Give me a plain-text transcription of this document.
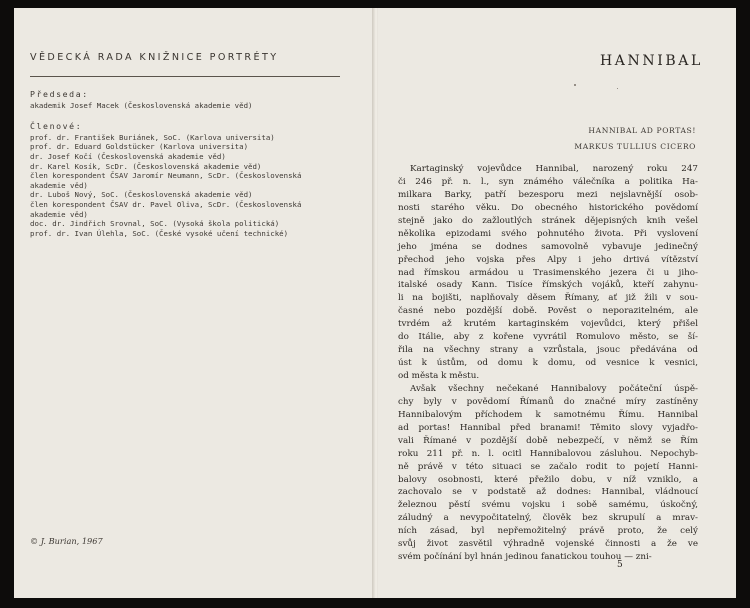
VĚDECKÁ RADA KNIŽNICE PORTRÉTY
Předseda:
akademik Josef Macek (Československá akademie věd)
Členové:
prof. dr. František Buriánek, SoC. (Karlova universita)
prof. dr. Eduard Goldstücker (Karlova universita)
dr. Josef Kočí (Československá akademie věd)
dr. Karel Kosík, ScDr. (Československá akademie věd)
člen korespondent ČSAV Jaromír Neumann, ScDr. (Československá
akademie věd)
dr. Luboš Nový, SoC. (Československá akademie věd)
člen korespondent ČSAV dr. Pavel Oliva, ScDr. (Československá
akademie věd)
doc. dr. Jindřich Srovnal, SoC. (Vysoká škola politická)
prof. dr. Ivan Úlehla, SoC. (České vysoké učení technické)
© J. Burian, 1967
HANNIBAL
HANNIBAL AD PORTAS!
MARKUS TULLIUS CICERO
Kartaginský vojevůdce Hannibal, narozený roku 247
či 246 př. n. l., syn známého válečníka a politika Ha-
milkara Barky, patří bezesporu mezi nejslavnější osob-
nosti starého věku. Do obecného historického povědomí
stejně jako do zažloutlých stránek dějepisných knih vešel
několika epizodami svého pohnutého života. Při vyslovení
jeho jména se dodnes samovolně vybavuje jedinečný
přechod jeho vojska přes Alpy i jeho drtivá vítězství
nad římskou armádou u Trasimenského jezera či u jiho-
italské osady Kann. Tisíce římských vojáků, kteří zahynu-
li na bojišti, naplňovaly děsem Římany, ať již žili v sou-
časné nebo pozdější době. Pověst o neporazitelném, ale
tvrdém až krutém kartaginském vojevůdci, který přišel
do Itálie, aby z kořene vyvrátil Romulovo město, se ší-
řila na všechny strany a vzrůstala, jsouc předávána od
úst k ústům, od domu k domu, od vesnice k vesnici,
od města k městu.
Avšak všechny nečekané Hannibalovy počáteční úspě-
chy byly v povědomí Římanů do značné míry zastíněny
Hannibalovým příchodem k samotnému Římu. Hannibal
ad portas! Hannibal před branami! Těmito slovy vyjadřo-
vali Římané v pozdější době nebezpečí, v němž se Řím
roku 211 př. n. l. ocitl Hannibalovou zásluhou. Nepochyb-
ně právě v této situaci se začalo rodit to pojetí Hanni-
balovy osobnosti, které přežilo dobu, v níž vzniklo, a
zachovalo se v podstatě až dodnes: Hannibal, vládnoucí
železnou pěstí svému vojsku i sobě samému, úskočný,
záludný a nevypočitatelný, člověk bez skrupulí a mrav-
ních zásad, byl nepřemožitelný právě proto, že celý
svůj život zasvětil výhradně vojenské činnosti a že ve
svém počínání byl hnán jedinou fanatickou touhou — zni-
5
